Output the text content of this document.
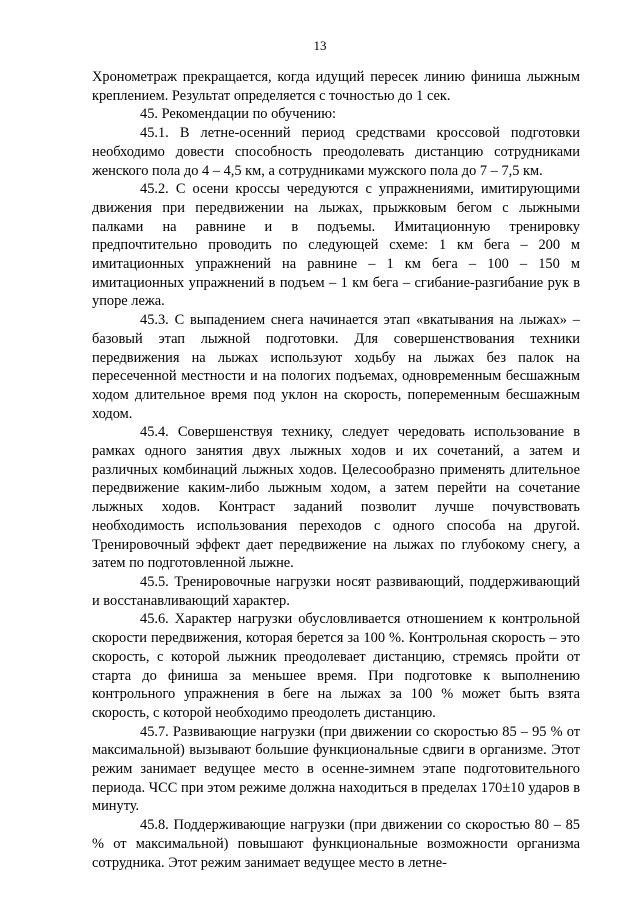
13

Хронометраж прекращается, когда идущий пересек линию финиша лыжным креплением. Результат определяется с точностью до 1 сек.

45. Рекомендации по обучению:

45.1. В летне-осенний период средствами кроссовой подготовки необходимо довести способность преодолевать дистанцию сотрудниками женского пола до 4 – 4,5 км, а сотрудниками мужского пола до 7 – 7,5 км.

45.2. С осени кроссы чередуются с упражнениями, имитирующими движения при передвижении на лыжах, прыжковым бегом с лыжными палками на равнине и в подъемы. Имитационную тренировку предпочтительно проводить по следующей схеме: 1 км бега – 200 м имитационных упражнений на равнине – 1 км бега – 100 – 150 м имитационных упражнений в подъем – 1 км бега – сгибание-разгибание рук в упоре лежа.

45.3. С выпадением снега начинается этап «вкатывания на лыжах» – базовый этап лыжной подготовки. Для совершенствования техники передвижения на лыжах используют ходьбу на лыжах без палок на пересеченной местности и на пологих подъемах, одновременным бесшажным ходом длительное время под уклон на скорость, попеременным бесшажным ходом.

45.4. Совершенствуя технику, следует чередовать использование в рамках одного занятия двух лыжных ходов и их сочетаний, а затем и различных комбинаций лыжных ходов. Целесообразно применять длительное передвижение каким-либо лыжным ходом, а затем перейти на сочетание лыжных ходов. Контраст заданий позволит лучше почувствовать необходимость использования переходов с одного способа на другой. Тренировочный эффект дает передвижение на лыжах по глубокому снегу, а затем по подготовленной лыжне.

45.5. Тренировочные нагрузки носят развивающий, поддерживающий и восстанавливающий характер.

45.6. Характер нагрузки обусловливается отношением к контрольной скорости передвижения, которая берется за 100 %. Контрольная скорость – это скорость, с которой лыжник преодолевает дистанцию, стремясь пройти от старта до финиша за меньшее время. При подготовке к выполнению контрольного упражнения в беге на лыжах за 100 % может быть взята скорость, с которой необходимо преодолеть дистанцию.

45.7. Развивающие нагрузки (при движении со скоростью 85 – 95 % от максимальной) вызывают большие функциональные сдвиги в организме. Этот режим занимает ведущее место в осенне-зимнем этапе подготовительного периода. ЧСС при этом режиме должна находиться в пределах 170±10 ударов в минуту.

45.8. Поддерживающие нагрузки (при движении со скоростью 80 – 85 % от максимальной) повышают функциональные возможности организма сотрудника. Этот режим занимает ведущее место в летне-
